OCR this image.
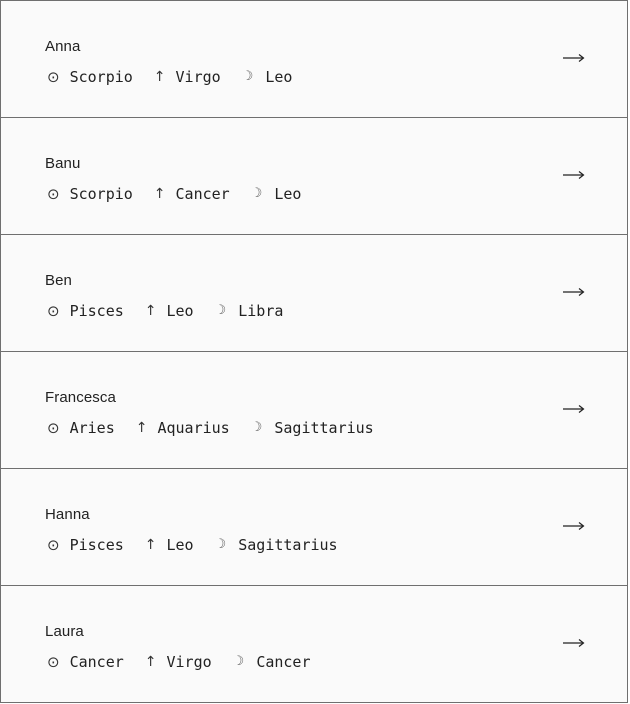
Anna
⊙ Scorpio ↑ Virgo ☽ Leo
Banu
⊙ Scorpio ↑ Cancer ☽ Leo
Ben
⊙ Pisces ↑ Leo ☽ Libra
Francesca
⊙ Aries ↑ Aquarius ☽ Sagittarius
Hanna
⊙ Pisces ↑ Leo ☽ Sagittarius
Laura
⊙ Cancer ↑ Virgo ☽ Cancer
